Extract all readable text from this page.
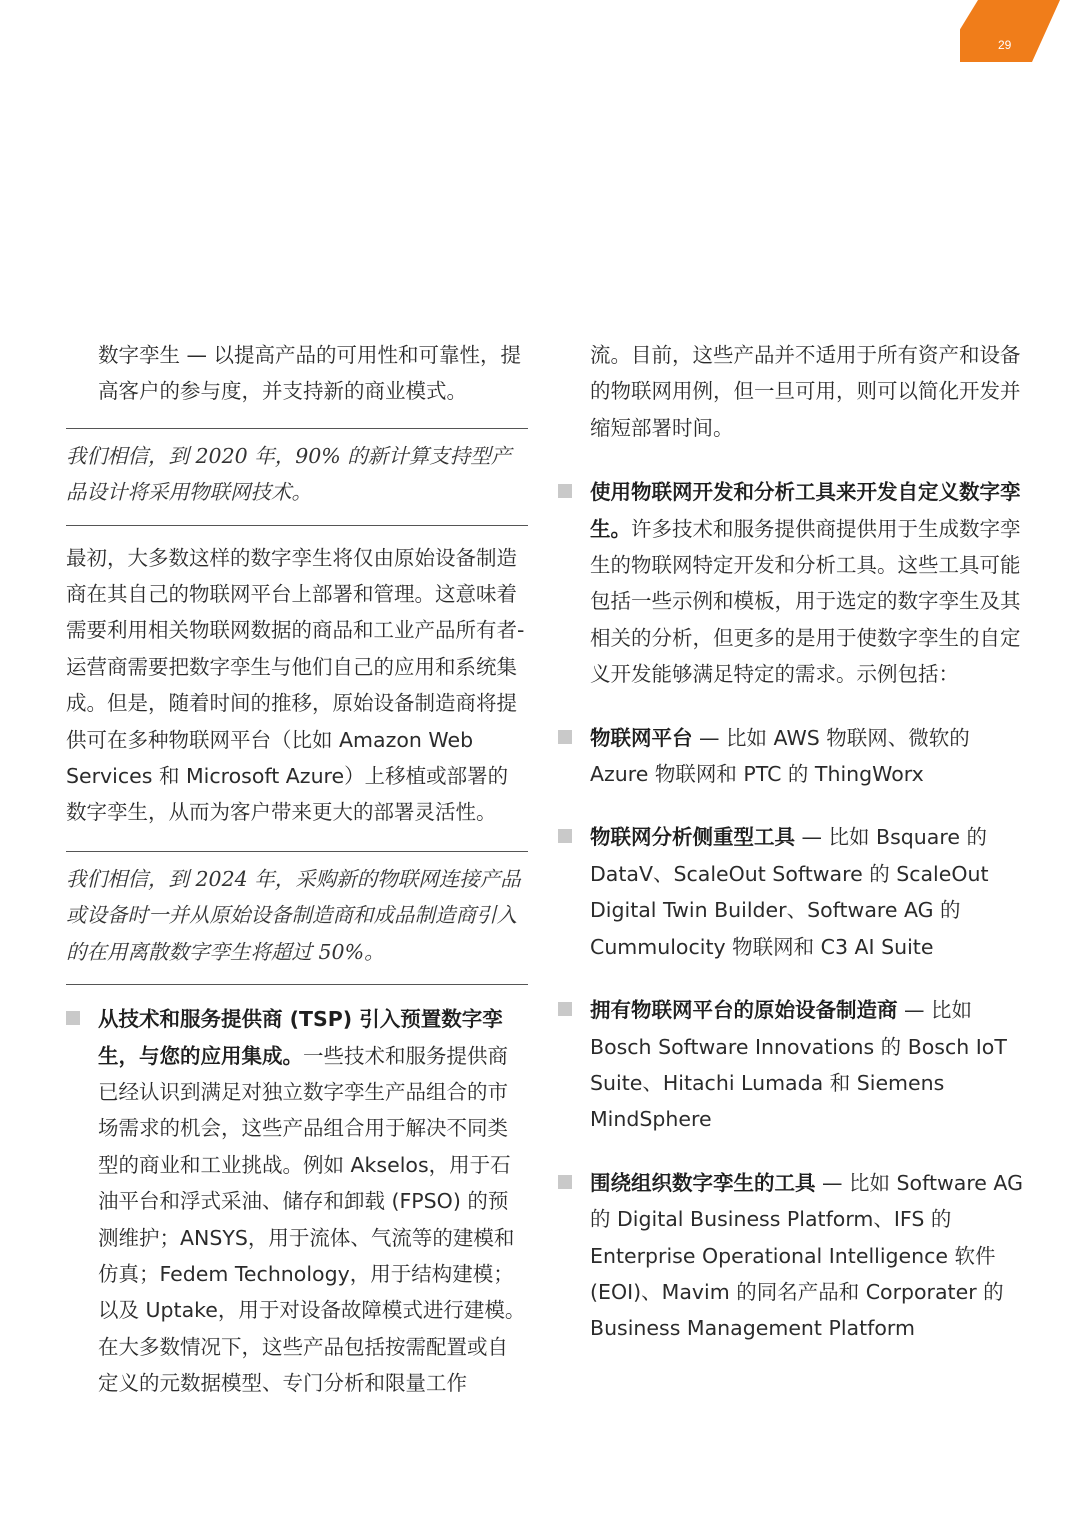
29

数字孪生 — 以提高产品的可用性和可靠性，提高客户的参与度，并支持新的商业模式。

我们相信，到 2020 年，90% 的新计算支持型产品设计将采用物联网技术。

最初，大多数这样的数字孪生将仅由原始设备制造商在其自己的物联网平台上部署和管理。这意味着需要利用相关物联网数据的商品和工业产品所有者-运营商需要把数字孪生与他们自己的应用和系统集成。但是，随着时间的推移，原始设备制造商将提供可在多种物联网平台（比如 Amazon Web Services 和 Microsoft Azure）上移植或部署的数字孪生，从而为客户带来更大的部署灵活性。

我们相信，到 2024 年，采购新的物联网连接产品或设备时一并从原始设备制造商和成品制造商引入的在用离散数字孪生将超过 50%。

从技术和服务提供商 (TSP) 引入预置数字孪生，与您的应用集成。一些技术和服务提供商已经认识到满足对独立数字孪生产品组合的市场需求的机会，这些产品组合用于解决不同类型的商业和工业挑战。例如 Akselos，用于石油平台和浮式采油、储存和卸载 (FPSO) 的预测维护；ANSYS，用于流体、气流等的建模和仿真；Fedem Technology，用于结构建模；以及 Uptake，用于对设备故障模式进行建模。在大多数情况下，这些产品包括按需配置或自定义的元数据模型、专门分析和限量工作

流。目前，这些产品并不适用于所有资产和设备的物联网用例，但一旦可用，则可以简化开发并缩短部署时间。

使用物联网开发和分析工具来开发自定义数字孪生。许多技术和服务提供商提供用于生成数字孪生的物联网特定开发和分析工具。这些工具可能包括一些示例和模板，用于选定的数字孪生及其相关的分析，但更多的是用于使数字孪生的自定义开发能够满足特定的需求。示例包括：
物联网平台 — 比如 AWS 物联网、微软的 Azure 物联网和 PTC 的 ThingWorx
物联网分析侧重型工具 — 比如 Bsquare 的 DataV、ScaleOut Software 的 ScaleOut Digital Twin Builder、Software AG 的 Cummulocity 物联网和 C3 AI Suite
拥有物联网平台的原始设备制造商 — 比如 Bosch Software Innovations 的 Bosch IoT Suite、Hitachi Lumada 和 Siemens MindSphere
围绕组织数字孪生的工具 — 比如 Software AG 的 Digital Business Platform、IFS 的 Enterprise Operational Intelligence 软件 (EOI)、Mavim 的同名产品和 Corporater 的 Business Management Platform
